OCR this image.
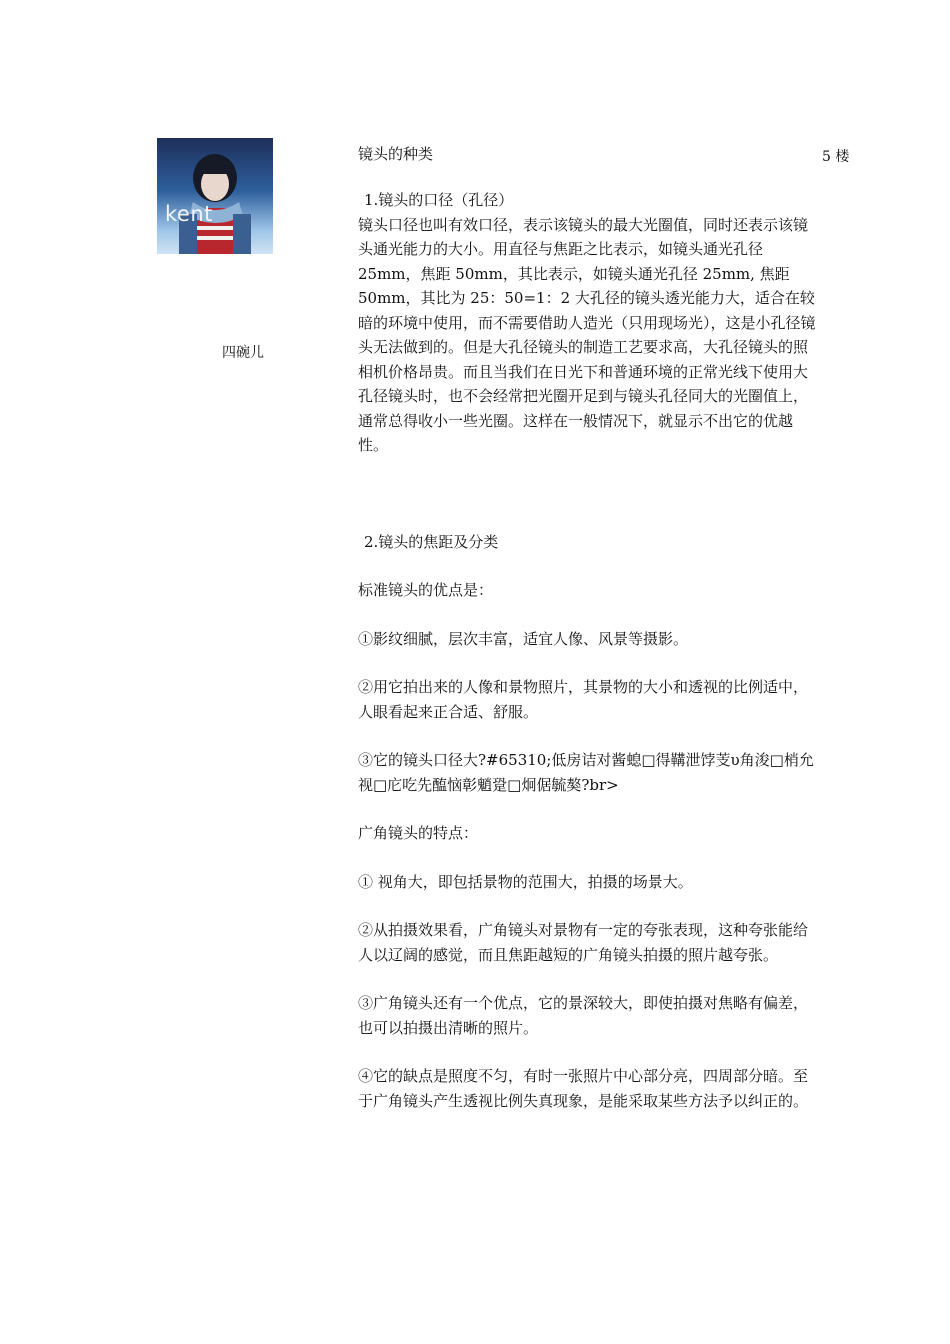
kent
四碗儿
5 楼
镜头的种类

1.镜头的口径（孔径）

镜头口径也叫有效口径，表示该镜头的最大光圈值，同时还表示该镜头通光能力的大小。用直径与焦距之比表示，如镜头通光孔径 25mm，焦距 50mm，其比表示，如镜头通光孔径 25mm, 焦距 50mm，其比为 25：50=1：2 大孔径的镜头透光能力大，适合在较暗的环境中使用，而不需要借助人造光（只用现场光），这是小孔径镜头无法做到的。但是大孔径镜头的制造工艺要求高，大孔径镜头的照相机价格昂贵。而且当我们在日光下和普通环境的正常光线下使用大孔径镜头时，也不会经常把光圈开足到与镜头孔径同大的光圈值上，通常总得收小一些光圈。这样在一般情况下，就显示不出它的优越性。

2.镜头的焦距及分类

标准镜头的优点是：

①影纹细腻，层次丰富，适宜人像、风景等摄影。

②用它拍出来的人像和景物照片，其景物的大小和透视的比例适中，人眼看起来正合适、舒服。

③它的镜头口径大?#65310;低房诘对酱螅□得鞲泄饽芰υ角浚□梢允视□庀吃先醢恼彰魈跫□炯倨毓獒?br>

广角镜头的特点：

① 视角大，即包括景物的范围大，拍摄的场景大。

②从拍摄效果看，广角镜头对景物有一定的夸张表现，这种夸张能给人以辽阔的感觉，而且焦距越短的广角镜头拍摄的照片越夸张。

③广角镜头还有一个优点，它的景深较大，即使拍摄对焦略有偏差，也可以拍摄出清晰的照片。

④它的缺点是照度不匀，有时一张照片中心部分亮，四周部分暗。至于广角镜头产生透视比例失真现象，是能采取某些方法予以纠正的。
